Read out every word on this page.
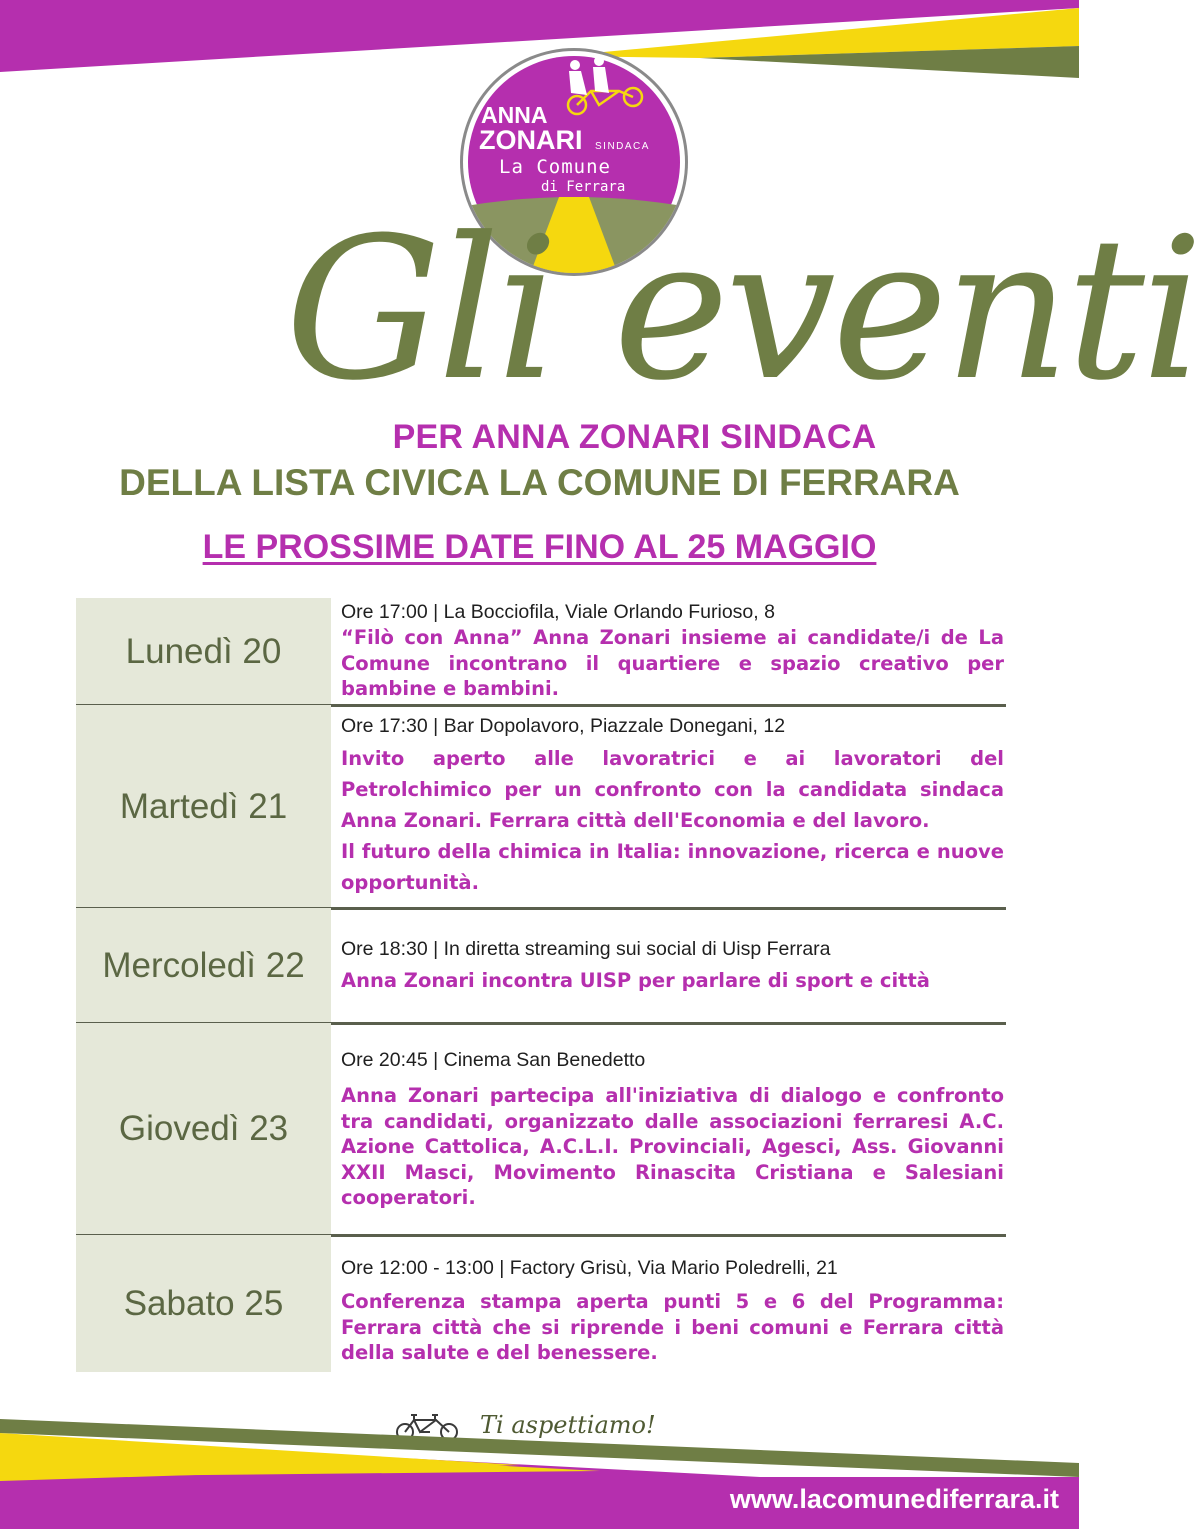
ANNA
ZONARI SINDACA
La Comune
di Ferrara
Gli eventi
PER ANNA ZONARI SINDACA
DELLA LISTA CIVICA LA COMUNE DI FERRARA
LE PROSSIME DATE FINO AL 25 MAGGIO
Lunedì 20
Ore 17:00 | La Bocciofila, Viale Orlando Furioso, 8
“Filò con Anna” Anna Zonari insieme ai candidate/i de La Comune incontrano il quartiere e spazio creativo per bambine e bambini.
Martedì 21
Ore 17:30 | Bar Dopolavoro, Piazzale Donegani, 12
Invito aperto alle lavoratrici e ai lavoratori del Petrolchimico per un confronto con la candidata sindaca Anna Zonari. Ferrara città dell'Economia e del lavoro.
Il futuro della chimica in Italia: innovazione, ricerca e nuove opportunità.
Mercoledì 22	Ore 18:30 | In diretta streaming sui social di Uisp Ferrara
Anna Zonari incontra UISP per parlare di sport e città
Giovedì 23
Ore 20:45 | Cinema San Benedetto
Anna Zonari partecipa all'iniziativa di dialogo e confronto tra candidati, organizzato dalle associazioni ferraresi A.C. Azione Cattolica, A.C.L.I. Provinciali, Agesci, Ass. Giovanni XXII Masci, Movimento Rinascita Cristiana e Salesiani cooperatori.
Sabato 25
Ore 12:00 - 13:00 | Factory Grisù, Via Mario Poledrelli, 21
Conferenza stampa aperta punti 5 e 6 del Programma: Ferrara città che si riprende i beni comuni e Ferrara città della salute e del benessere.
Ti aspettiamo!
www.lacomunediferrara.it
